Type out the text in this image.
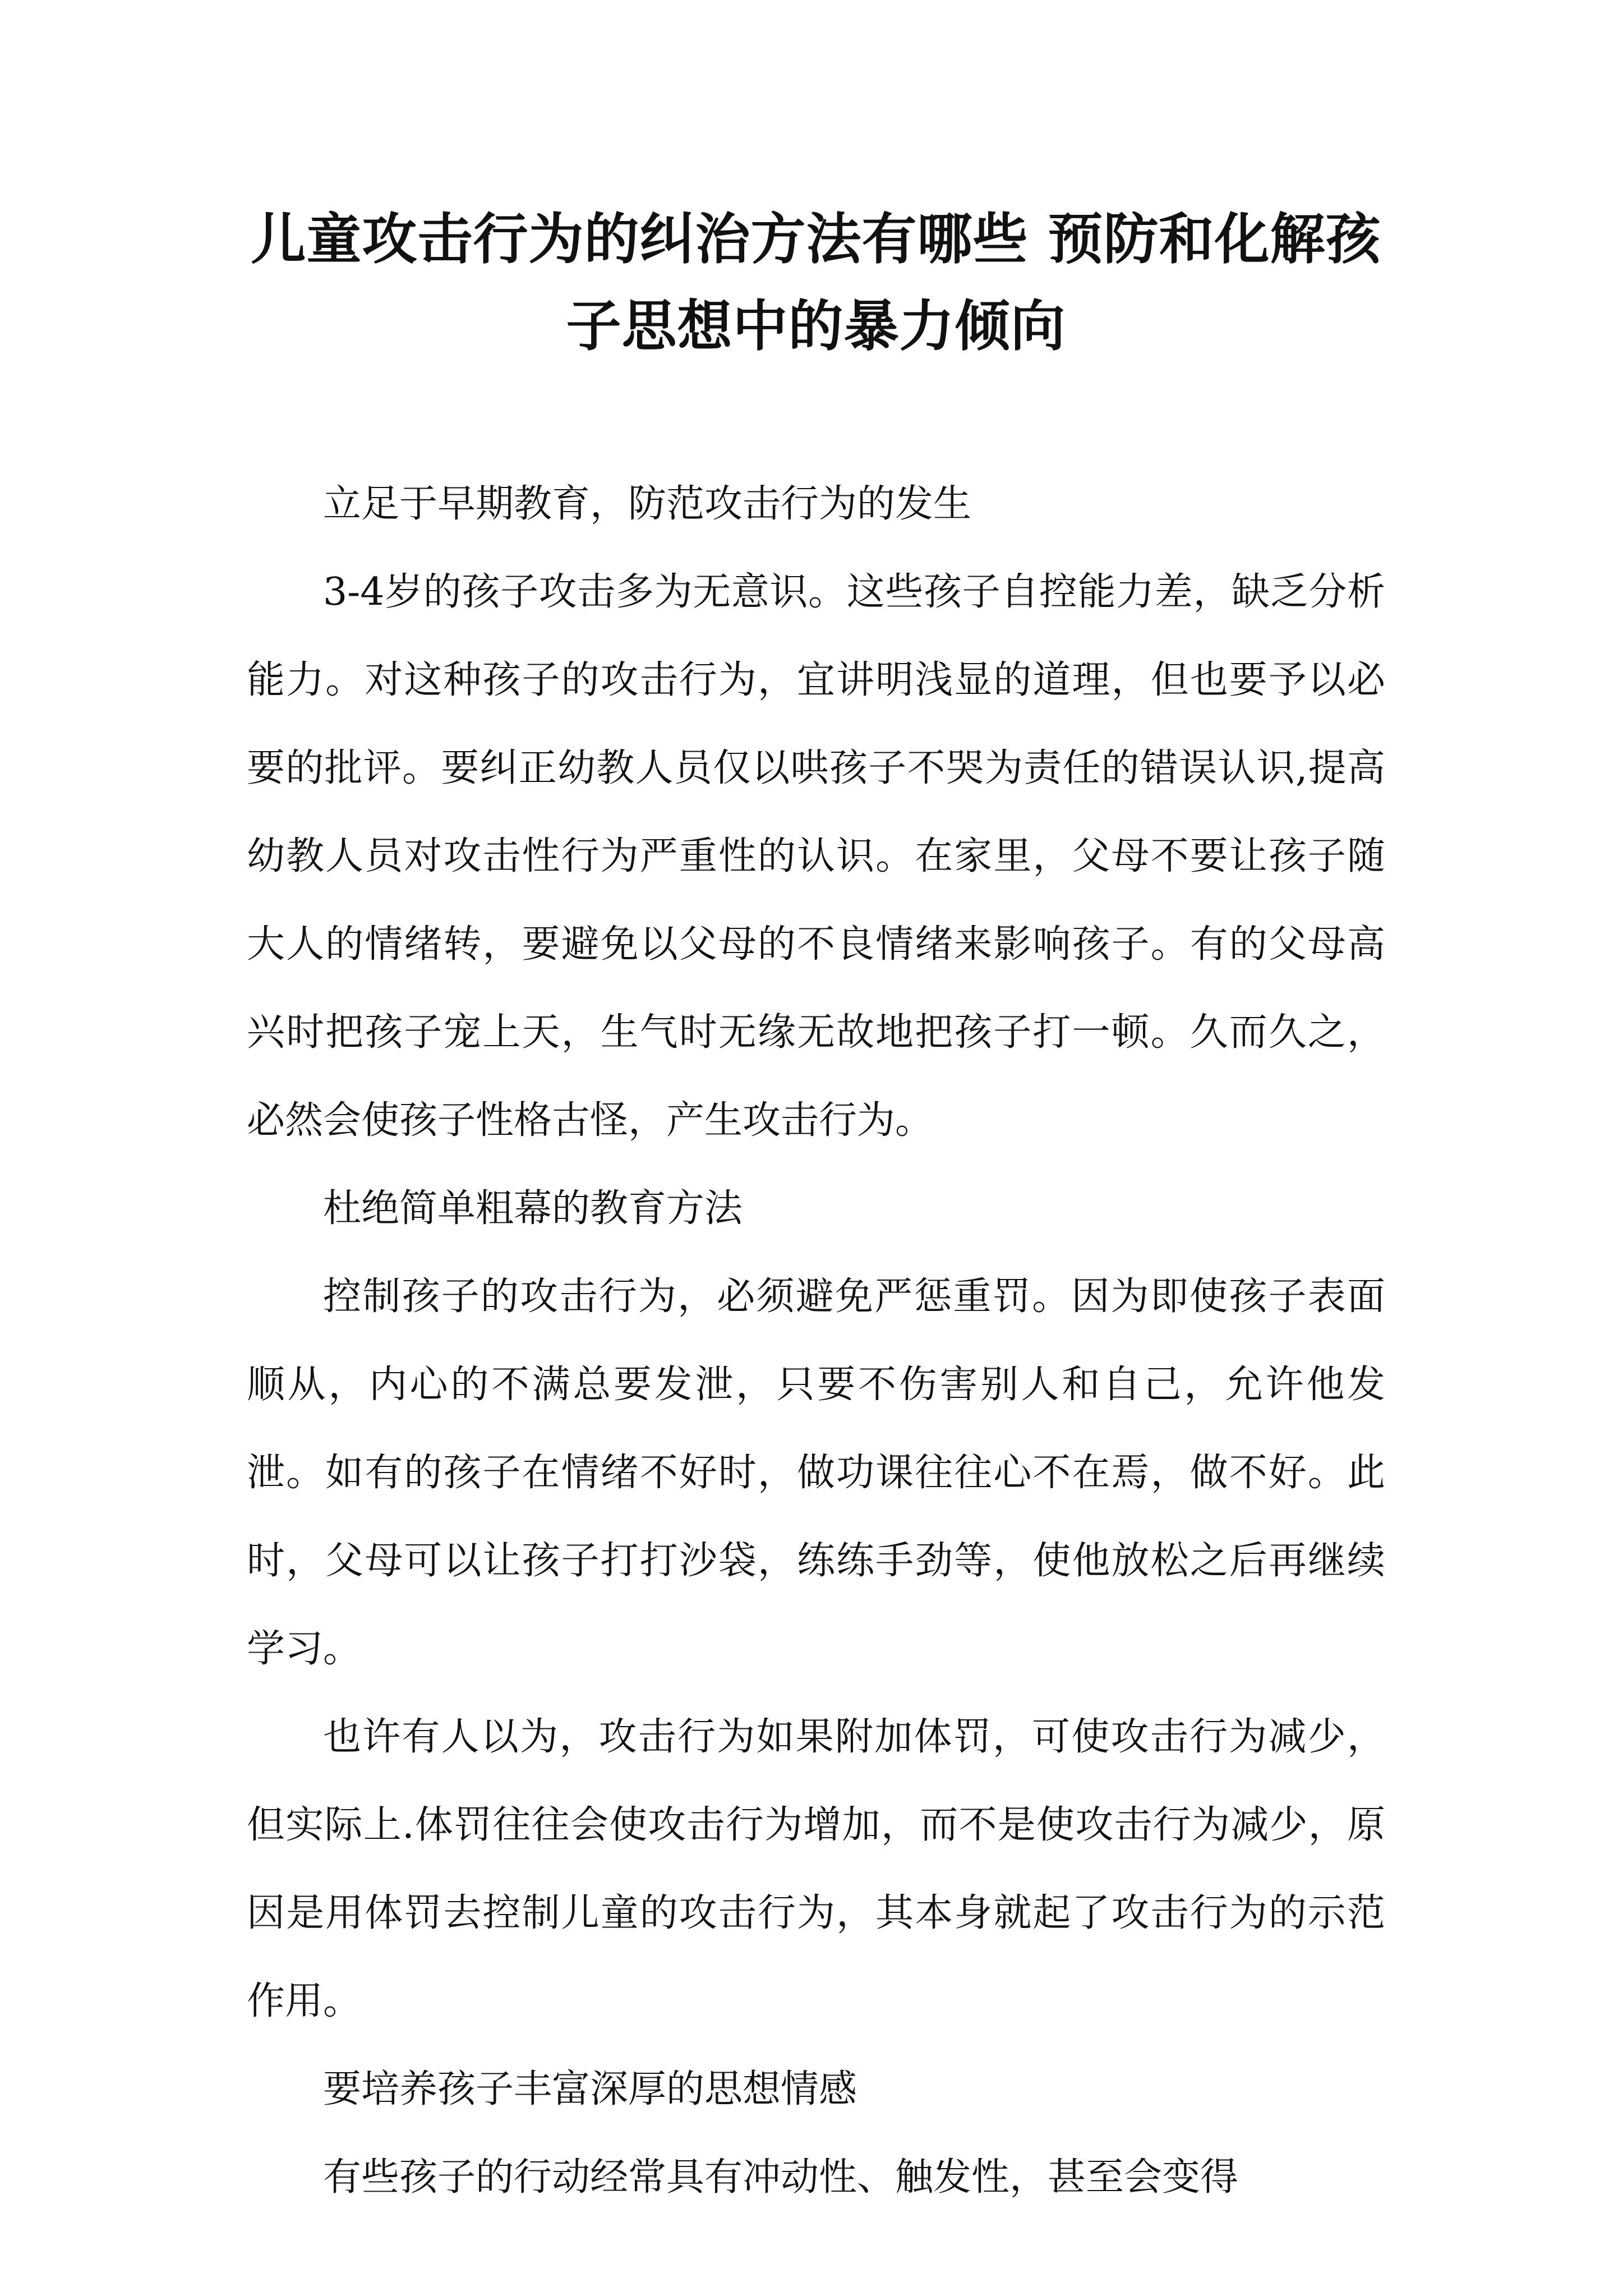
儿童攻击行为的纠治方法有哪些 预防和化解孩子思想中的暴力倾向

立足于早期教育，防范攻击行为的发生

3-4岁的孩子攻击多为无意识。这些孩子自控能力差，缺乏分析能力。对这种孩子的攻击行为，宜讲明浅显的道理，但也要予以必要的批评。要纠正幼教人员仅以哄孩子不哭为责任的错误认识,提高幼教人员对攻击性行为严重性的认识。在家里，父母不要让孩子随大人的情绪转，要避免以父母的不良情绪来影响孩子。有的父母高兴时把孩子宠上天，生气时无缘无故地把孩子打一顿。久而久之，必然会使孩子性格古怪，产生攻击行为。

杜绝简单粗幕的教育方法

控制孩子的攻击行为，必须避免严惩重罚。因为即使孩子表面顺从，内心的不满总要发泄，只要不伤害别人和自己，允许他发泄。如有的孩子在情绪不好时，做功课往往心不在焉，做不好。此时，父母可以让孩子打打沙袋，练练手劲等，使他放松之后再继续学习。

也许有人以为，攻击行为如果附加体罚，可使攻击行为减少，但实际上.体罚往往会使攻击行为增加，而不是使攻击行为减少，原因是用体罚去控制儿童的攻击行为，其本身就起了攻击行为的示范作用。

要培养孩子丰富深厚的思想情感

有些孩子的行动经常具有冲动性、触发性，甚至会变得
